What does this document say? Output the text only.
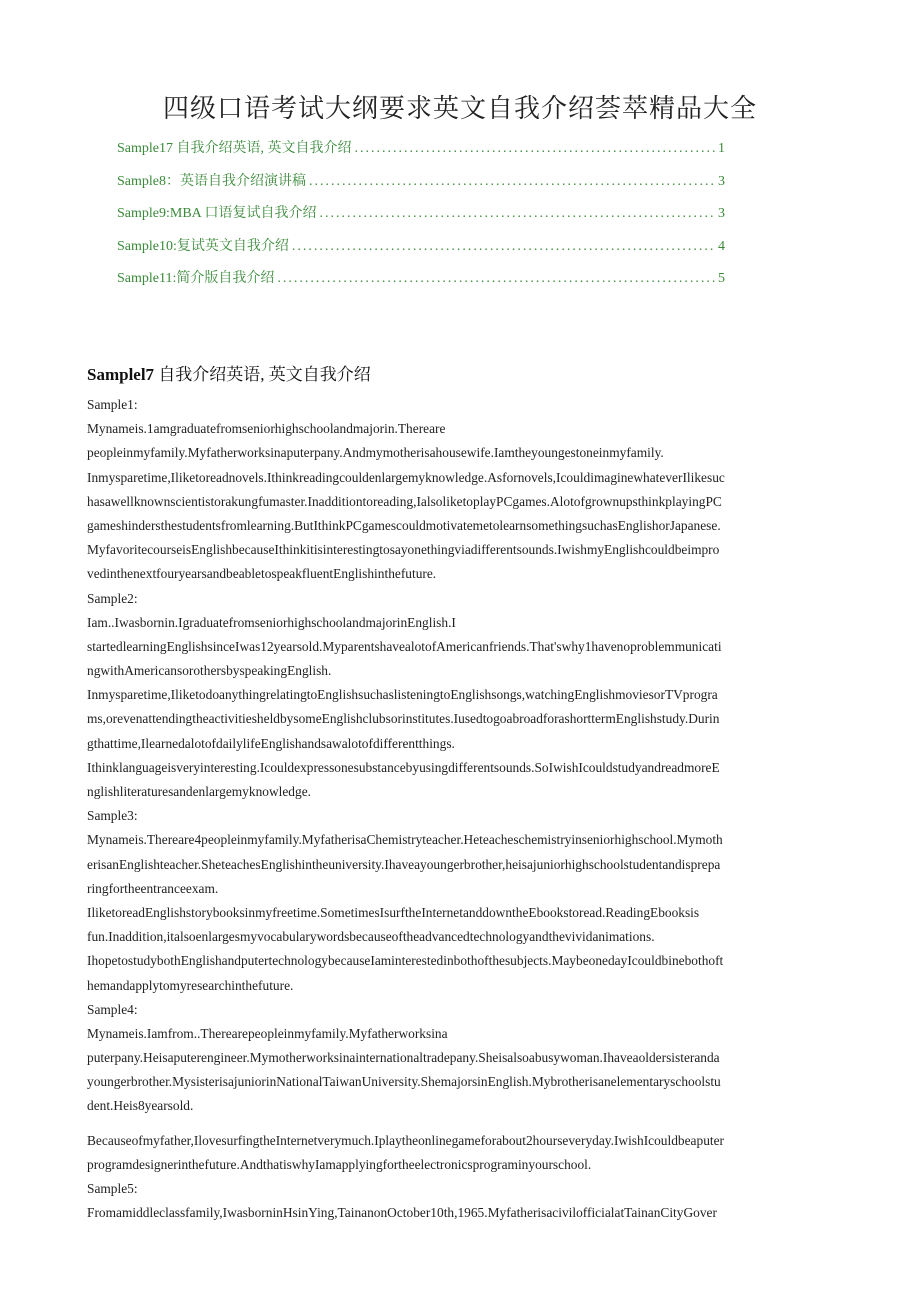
四级口语考试大纲要求英文自我介绍荟萃精品大全
Sample17 自我介绍英语, 英文自我介绍 .....	1
Sample8：英语自我介绍演讲稿 .....	3
Sample9:MBA 口语复试自我介绍 .....	3
Sample10:复试英文自我介绍 .....	4
Sample11:简介版自我介绍 .....	5
Samplel7 自我介绍英语, 英文自我介绍
Sample1:
Mynameis.1amgraduatefromseniorhighschoolandmajorin.Thereare
peopleinmyfamily.Myfatherworksinaputerpany.Andmymotherisahousewife.Iamtheyoungestoneinmyfamily.
Inmysparetime,Iliketoreadnovels.Ithinkreadingcouldenlargemyknowledge.Asfornovels,IcouldimaginewhateverIlikesuc
hasawellknownscientistorakungfumaster.Inadditiontoreading,IalsoliketoplayPCgames.AlotofgrownupsthinkplayingPC
gameshindersthestudentsfromlearning.ButIthinkPCgamescouldmotivatemetolearnsomethingsuchasEnglishorJapanese.
MyfavoritecourseisEnglishbecauseIthinkitisinterestingtosayonethingviadifferentsounds.IwishmyEnglishcouldbeimpro
vedinthenextfouryearsandbeabletospeakfluentEnglishinthefuture.
Sample2:
Iam..Iwasbornin.IgraduatefromseniorhighschoolandmajorinEnglish.I
startedlearningEnglishsinceIwas12yearsold.MyparentshavealotofAmericanfriends.That'swhy1havenoproblemmunicati
ngwithAmericansorothersbyspeakingEnglish.
Inmysparetime,IliketodoanythingrelatingtoEnglishsuchaslisteningtoEnglishsongs,watchingEnglishmoviesorTVprogra
ms,orevenattendingtheactivitiesheldbysomeEnglishclubsorinstitutes.IusedtogoabroadforashorttermEnglishstudy.Durin
gthattime,IlearnedalotofdailylifeEnglishandsawalotofdifferentthings.
Ithinklanguageisveryinteresting.Icouldexpressonesubstancebyusingdifferentsounds.SoIwishIcouldstudyandreadmoreE
nglishliteraturesandenlargemyknowledge.
Sample3:
Mynameis.Thereare4peopleinmyfamily.MyfatherisaChemistryteacher.Heteacheschemistryinseniorhighschool.Mymoth
erisanEnglishteacher.SheteachesEnglishintheuniversity.Ihaveayoungerbrother,heisajuniorhighschoolstudentandisprepa
ringfortheentranceexam.
IliketoreadEnglishstorybooksinmyfreetime.SometimesIsurftheInternetanddowntheEbookstoread.ReadingEbooksis
fun.Inaddition,italsoenlargesmyvocabularywordsbecauseoftheadvancedtechnologyandthevividanimations.
IhopetostudybothEnglishandputertechnologybecauseIaminterestedinbothofthesubjects.MaybeonedayIcouldbinebothoft
hemandapplytomyresearchinthefuture.
Sample4:
Mynameis.Iamfrom..Therearepeopleinmyfamily.Myfatherworksina
puterpany.Heisaputerengineer.Mymotherworksinainternationaltradepany.Sheisalsoabusywoman.Ihaveaoldersisteranda
youngerbrother.MysisterisajuniorinNationalTaiwanUniversity.ShemajorsinEnglish.Mybrotherisanelementaryschoolstu
dent.Heis8yearsold.
Becauseofmyfather,IlovesurfingtheInternetverymuch.Iplaytheonlinegameforabout2hourseveryday.IwishIcouldbeaputer
programdesignerinthefuture.AndthatiswhyIamapplyingfortheelectronicsprograminyourschool.
Sample5:
Fromamiddleclassfamily,IwasborninHsinYing,TainanonOctober10th,1965.MyfatherisacivilofficialatTainanCityGover
